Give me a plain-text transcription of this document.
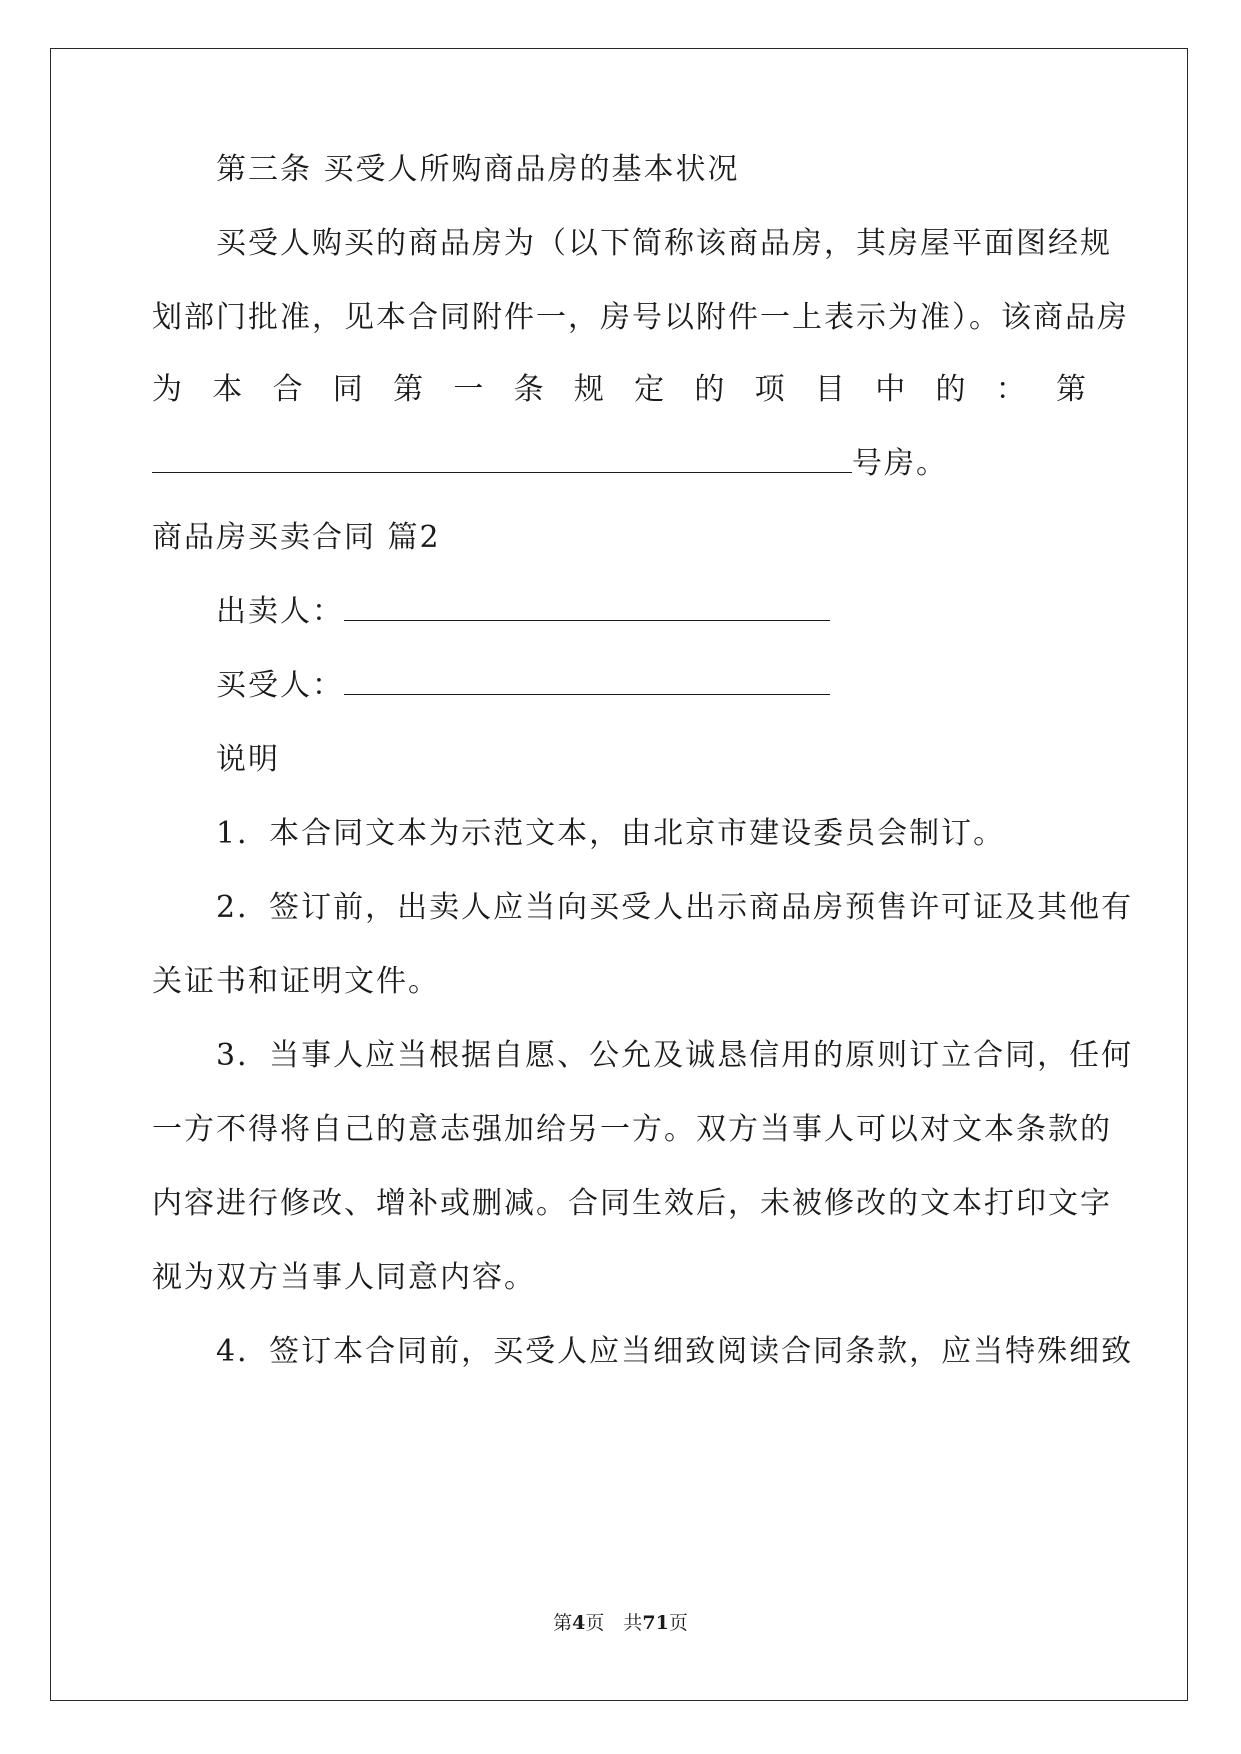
第三条 买受人所购商品房的基本状况
买受人购买的商品房为（以下简称该商品房，其房屋平面图经规
划部门批准，见本合同附件一，房号以附件一上表示为准）。该商品房
为 本 合 同 第 一 条 规 定 的 项 目 中 的 ： 第
号房。
商品房买卖合同 篇2
出卖人：
买受人：
说明
1．本合同文本为示范文本，由北京市建设委员会制订。
2．签订前，出卖人应当向买受人出示商品房预售许可证及其他有
关证书和证明文件。
3．当事人应当根据自愿、公允及诚恳信用的原则订立合同，任何
一方不得将自己的意志强加给另一方。双方当事人可以对文本条款的
内容进行修改、增补或删减。合同生效后，未被修改的文本打印文字
视为双方当事人同意内容。
4．签订本合同前，买受人应当细致阅读合同条款，应当特殊细致
第4页　共71页
